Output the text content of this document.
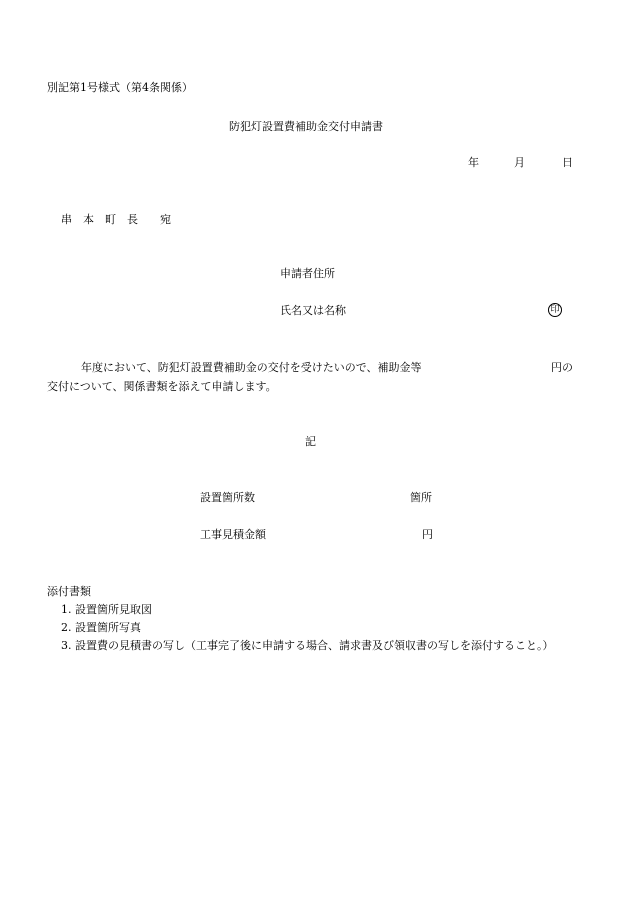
別記第1号様式（第4条関係）
防犯灯設置費補助金交付申請書
年	月	日
串　本　町　長　　宛
申請者住所
氏名又は名称	印
年度において、防犯灯設置費補助金の交付を受けたいので、補助金等	円の
交付について、関係書類を添えて申請します。
記
設置箇所数	箇所
工事見積金額	円
添付書類
1. 設置箇所見取図
2. 設置箇所写真
3. 設置費の見積書の写し（工事完了後に申請する場合、請求書及び領収書の写しを添付すること。）
